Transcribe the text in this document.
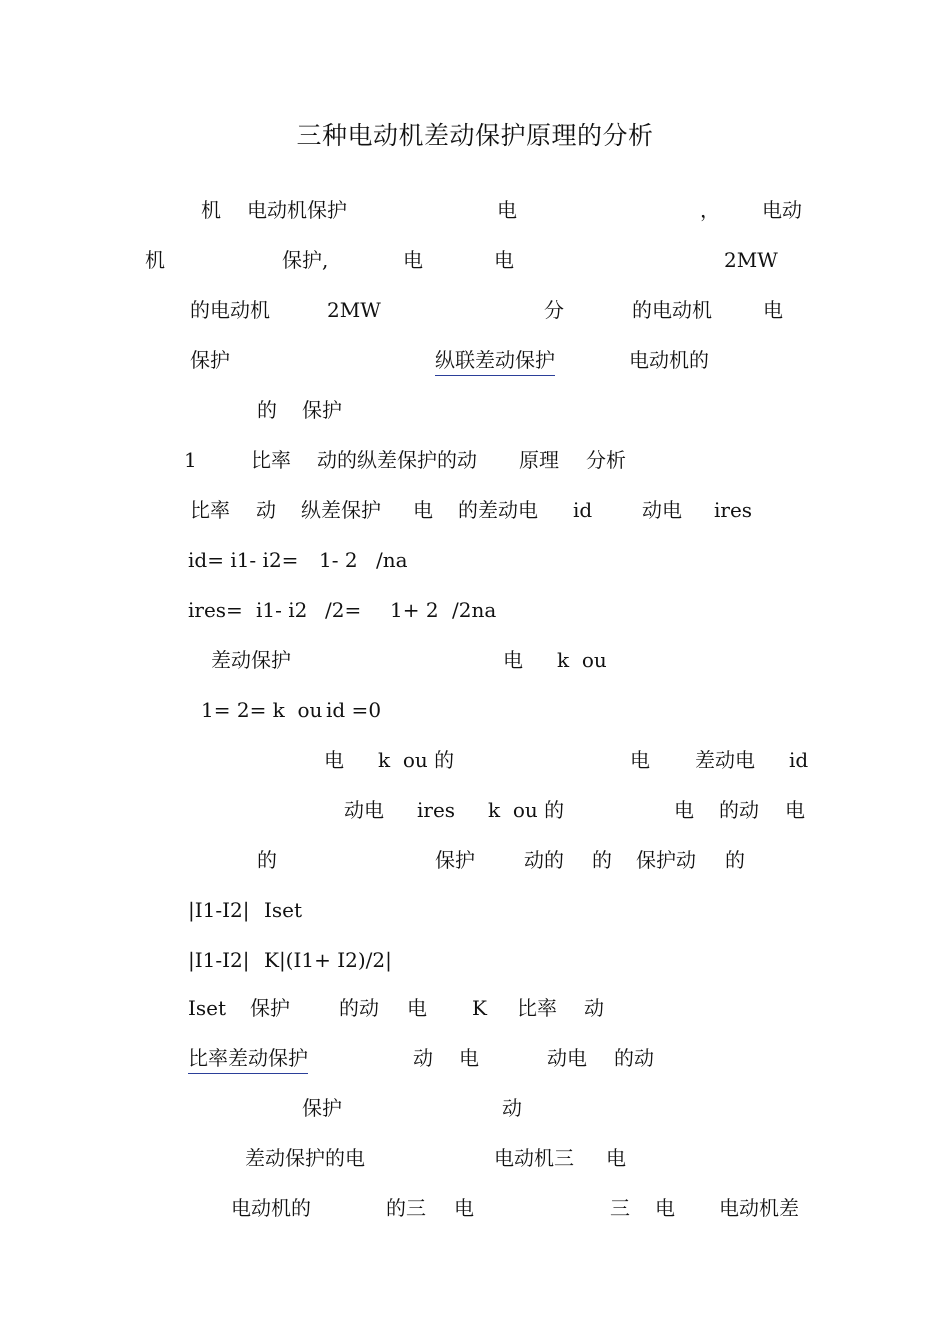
三种电动机差动保护原理的分析
机 电动机保护	电	， 电动
机	保护,	电	电	2MW
的电动机	2MW	分	的电动机	电
保护	纵联差动保护	电动机的
的 保护
1	比率 动的纵差保护的动 原理 分析
比率 动 纵差保护 电 的差动电 id 动电 ires
id= i1- i2= 1- 2 /na
ires= i1- i2 /2= 1+ 2 /2na
差动保护	电 k  ou
1= 2= k  ou id =0
电 k  ou 的	电 差动电 id
动电 ires k  ou 的	电 的动 电
的	保护 动的 的 保护动 的
|I1-I2| Iset
|I1-I2| K|(I1+ I2)/2|
Iset 保护 的动 电 K 比率 动
比率差动保护	动 电	动电 的动
保护	动
差动保护的电	电动机三 电
电动机的	的三 电	三 电 电动机差
